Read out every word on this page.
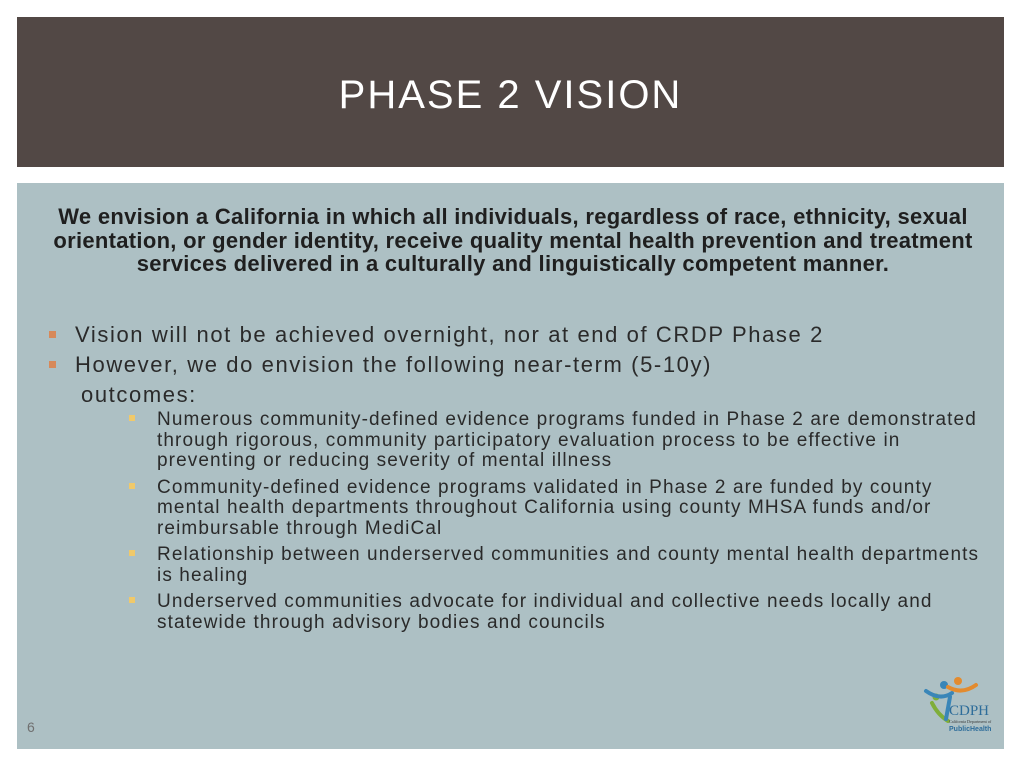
PHASE 2 VISION
We envision a California in which all individuals, regardless of race, ethnicity, sexual orientation, or gender identity, receive quality mental health prevention and treatment services delivered in a culturally and linguistically competent manner.
Vision will not be achieved overnight, nor at end of CRDP Phase 2
However, we do envision the following near-term (5-10y)
outcomes:
Numerous community-defined evidence programs funded in Phase 2 are demonstrated through rigorous, community participatory evaluation process to be effective in preventing or reducing severity of mental illness
Community-defined evidence programs validated in Phase 2 are funded by county mental health departments throughout California using county MHSA funds and/or reimbursable through MediCal
Relationship between underserved communities and county mental health departments is healing
Underserved communities advocate for individual and collective needs locally and statewide through advisory bodies and councils
6
CDPH
California Department of
PublicHealth
